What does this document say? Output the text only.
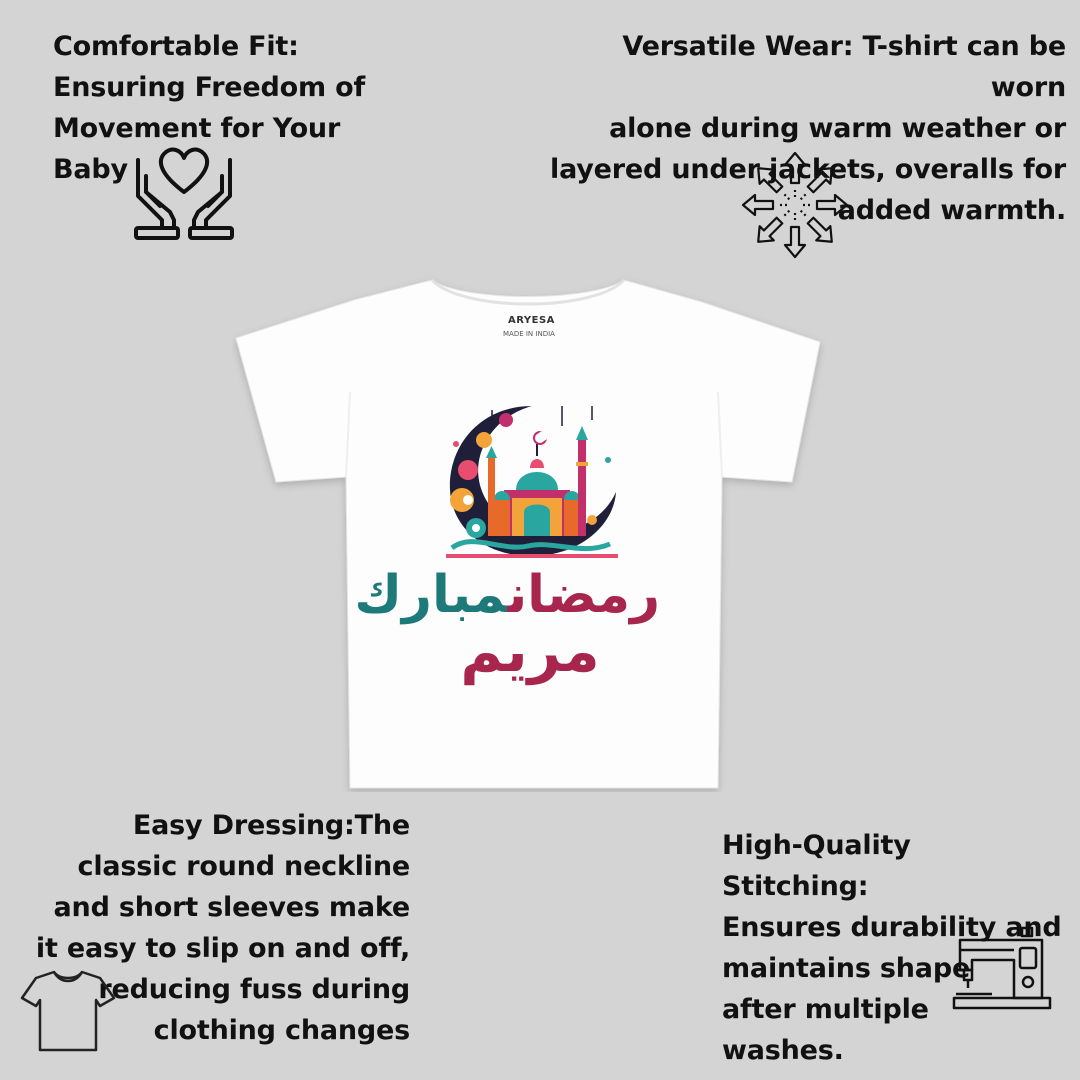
Comfortable Fit:
Ensuring Freedom of
Movement for Your
Baby

Versatile Wear: T-shirt can be worn
alone during warm weather or
layered under jackets, overalls for
added warmth.

Easy Dressing:The
classic round neckline
and short sleeves make
it easy to slip on and off,
reducing fuss during
clothing changes

High-Quality Stitching:
Ensures durability and
maintains shape
after multiple
washes.

ARYESA
MADE IN INDIA
رمضانمبارك
مريم
